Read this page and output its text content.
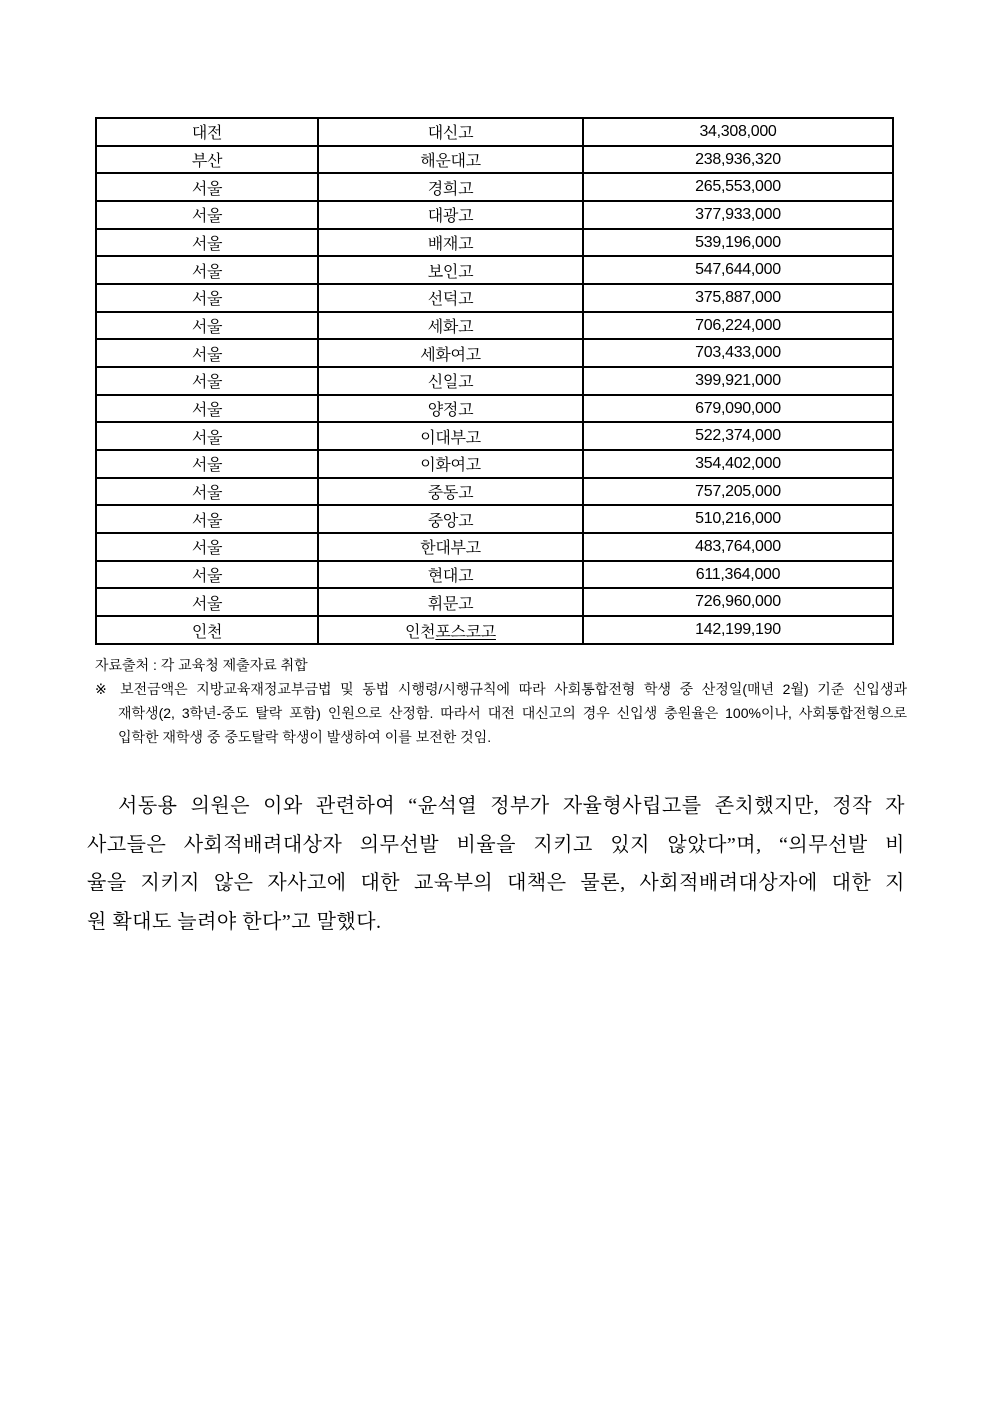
대전	대신고	34,308,000
부산	해운대고	238,936,320
서울	경희고	265,553,000
서울	대광고	377,933,000
서울	배재고	539,196,000
서울	보인고	547,644,000
서울	선덕고	375,887,000
서울	세화고	706,224,000
서울	세화여고	703,433,000
서울	신일고	399,921,000
서울	양정고	679,090,000
서울	이대부고	522,374,000
서울	이화여고	354,402,000
서울	중동고	757,205,000
서울	중앙고	510,216,000
서울	한대부고	483,764,000
서울	현대고	611,364,000
서울	휘문고	726,960,000
인천	인천포스코고	142,199,190
자료출처 : 각 교육청 제출자료 취합
※ 보전금액은 지방교육재정교부금법 및 동법 시행령/시행규칙에 따라 사회통합전형 학생 중 산정일(매년 2월) 기준 신입생과
재학생(2, 3학년-중도 탈락 포함) 인원으로 산정함. 따라서 대전 대신고의 경우 신입생 충원율은 100%이나, 사회통합전형으로
입학한 재학생 중 중도탈락 학생이 발생하여 이를 보전한 것임.
서동용 의원은 이와 관련하여 “윤석열 정부가 자율형사립고를 존치했지만, 정작 자
사고들은 사회적배려대상자 의무선발 비율을 지키고 있지 않았다”며, “의무선발 비
율을 지키지 않은 자사고에 대한 교육부의 대책은 물론, 사회적배려대상자에 대한 지
원 확대도 늘려야 한다”고 말했다.
